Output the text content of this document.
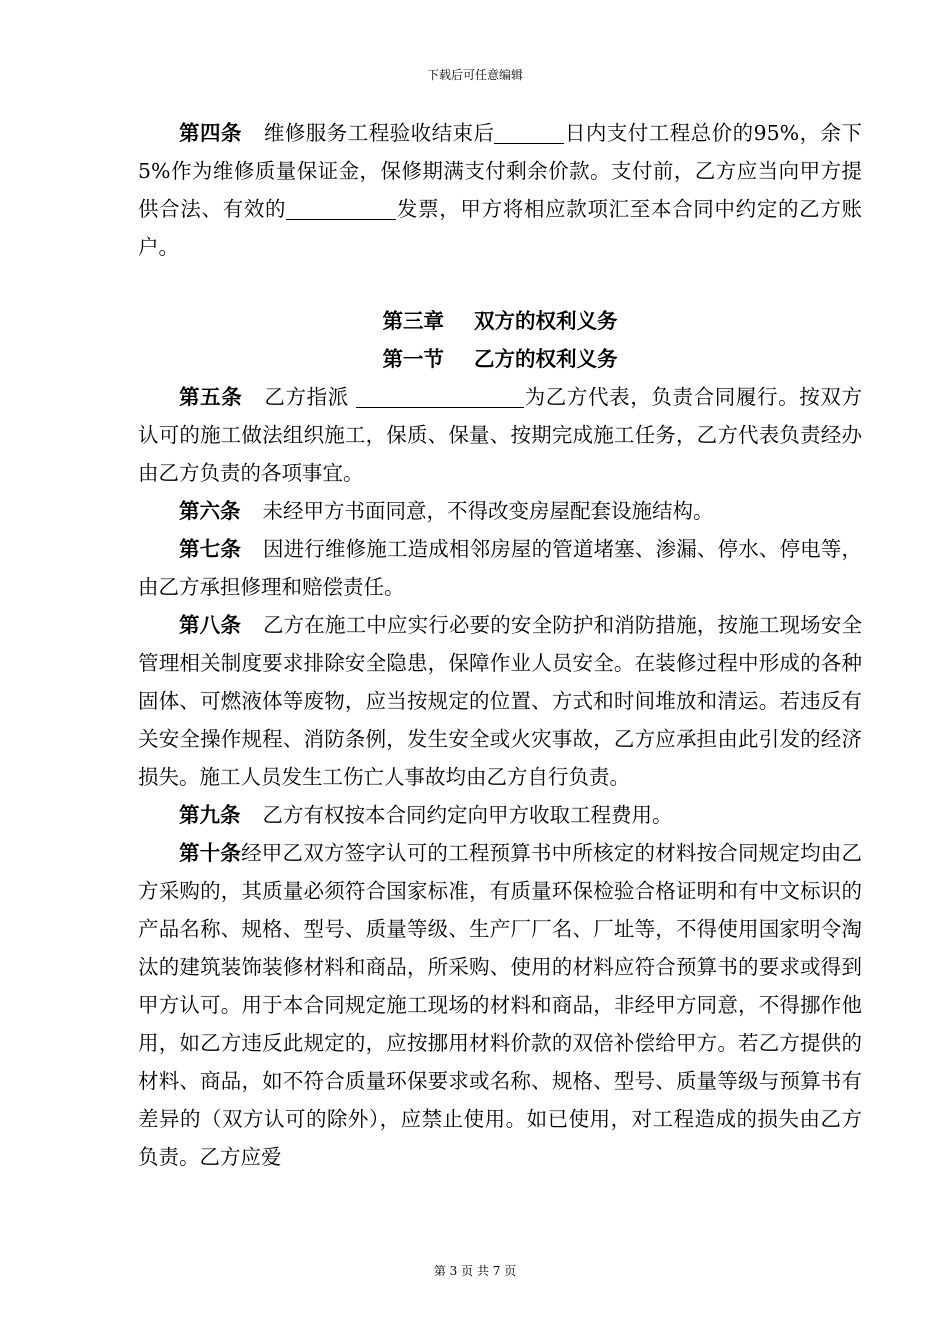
下载后可任意编辑

第四条 维修服务工程验收结束后	日内支付工程总价的95%，余下5%作为维修质量保证金，保修期满支付剩余价款。支付前，乙方应当向甲方提供合法、有效的	发票，甲方将相应款项汇至本合同中约定的乙方账户。

第三章 双方的权利义务
第一节 乙方的权利义务

第五条 乙方指派	为乙方代表，负责合同履行。按双方认可的施工做法组织施工，保质、保量、按期完成施工任务，乙方代表负责经办由乙方负责的各项事宜。

第六条 未经甲方书面同意，不得改变房屋配套设施结构。

第七条 因进行维修施工造成相邻房屋的管道堵塞、渗漏、停水、停电等，由乙方承担修理和赔偿责任。

第八条 乙方在施工中应实行必要的安全防护和消防措施，按施工现场安全管理相关制度要求排除安全隐患，保障作业人员安全。在装修过程中形成的各种固体、可燃液体等废物，应当按规定的位置、方式和时间堆放和清运。若违反有关安全操作规程、消防条例，发生安全或火灾事故，乙方应承担由此引发的经济损失。施工人员发生工伤亡人事故均由乙方自行负责。

第九条 乙方有权按本合同约定向甲方收取工程费用。

第十条经甲乙双方签字认可的工程预算书中所核定的材料按合同规定均由乙方采购的，其质量必须符合国家标准，有质量环保检验合格证明和有中文标识的产品名称、规格、型号、质量等级、生产厂厂名、厂址等，不得使用国家明令淘汰的建筑装饰装修材料和商品，所采购、使用的材料应符合预算书的要求或得到甲方认可。用于本合同规定施工现场的材料和商品，非经甲方同意，不得挪作他用，如乙方违反此规定的，应按挪用材料价款的双倍补偿给甲方。若乙方提供的材料、商品，如不符合质量环保要求或名称、规格、型号、质量等级与预算书有差异的（双方认可的除外），应禁止使用。如已使用，对工程造成的损失由乙方负责。乙方应爱

第 3 页 共 7 页
